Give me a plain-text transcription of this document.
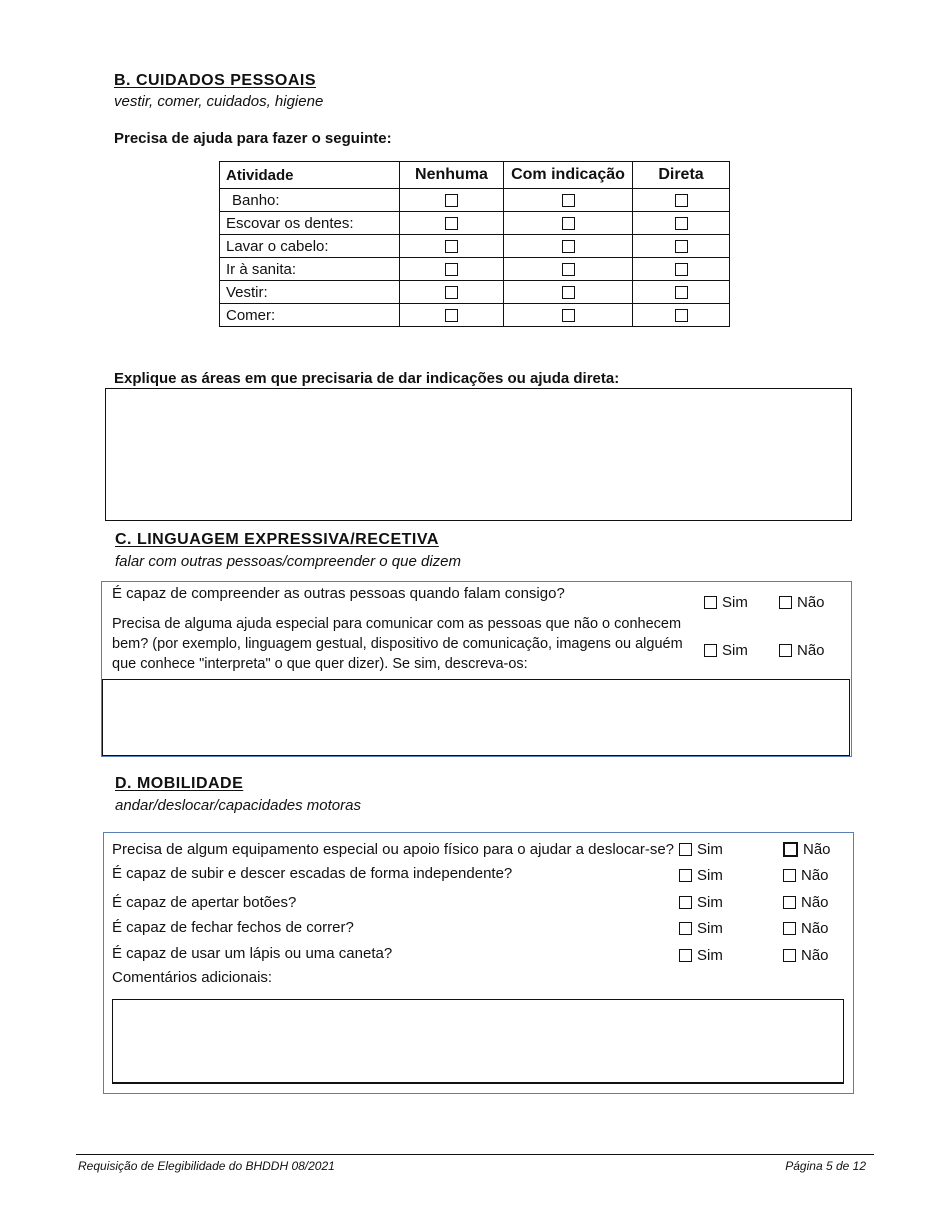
B. CUIDADOS PESSOAIS
vestir, comer, cuidados, higiene
Precisa de ajuda para fazer o seguinte:
Atividade	Nenhuma	Com indicação	Direta
Banho:			
Escovar os dentes:			
Lavar o cabelo:			
Ir à sanita:			
Vestir:			
Comer:			
Explique as áreas em que precisaria de dar indicações ou ajuda direta:
C. LINGUAGEM EXPRESSIVA/RECETIVA
falar com outras pessoas/compreender o que dizem
É capaz de compreender as outras pessoas quando falam consigo?
Sim	Não
Precisa de alguma ajuda especial para comunicar com as pessoas que não o conhecem bem? (por exemplo, linguagem gestual, dispositivo de comunicação, imagens ou alguém que conhece "interpreta" o que quer dizer). Se sim, descreva-os:
Sim	Não
D. MOBILIDADE
andar/deslocar/capacidades motoras
Precisa de algum equipamento especial ou apoio físico para o ajudar a deslocar-se?	Sim	Não
É capaz de subir e descer escadas de forma independente?	Sim	Não
É capaz de apertar botões?	Sim	Não
É capaz de fechar fechos de correr?	Sim	Não
É capaz de usar um lápis ou uma caneta?	Sim	Não
Comentários adicionais:
Requisição de Elegibilidade do BHDDH 08/2021	Página 5 de 12
